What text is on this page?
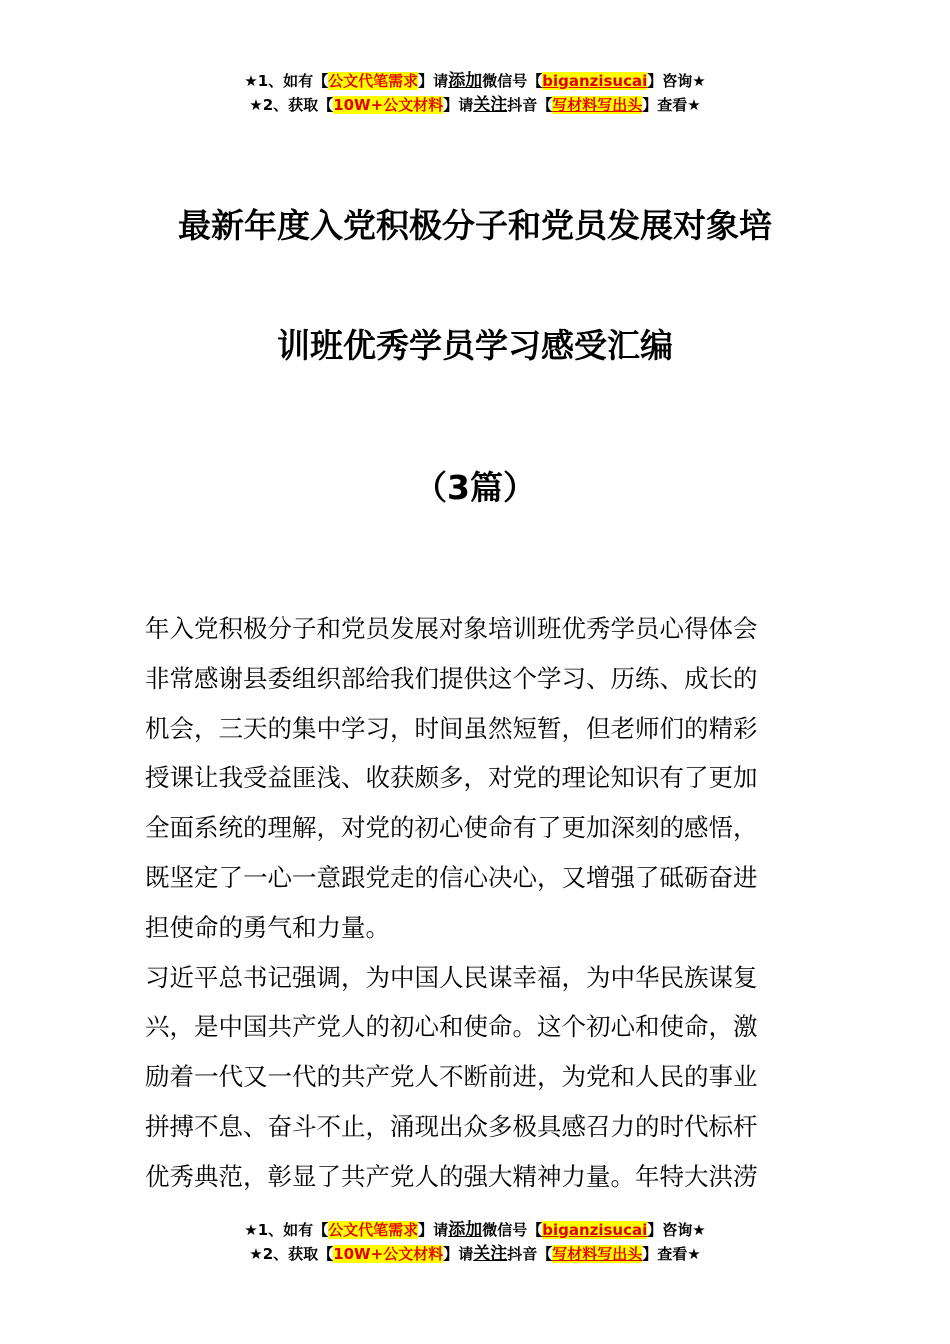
★1、如有【公文代笔需求】请添加微信号【biganzisucai】咨询★
★2、获取【10W+公文材料】请关注抖音【写材料写出头】查看★
最新年度入党积极分子和党员发展对象培
训班优秀学员学习感受汇编
（3篇）
年入党积极分子和党员发展对象培训班优秀学员心得体会
非常感谢县委组织部给我们提供这个学习、历练、成长的
机会，三天的集中学习，时间虽然短暂，但老师们的精彩
授课让我受益匪浅、收获颇多，对党的理论知识有了更加
全面系统的理解，对党的初心使命有了更加深刻的感悟，
既坚定了一心一意跟党走的信心决心，又增强了砥砺奋进
担使命的勇气和力量。
习近平总书记强调，为中国人民谋幸福，为中华民族谋复
兴，是中国共产党人的初心和使命。这个初心和使命，激
励着一代又一代的共产党人不断前进，为党和人民的事业
拼搏不息、奋斗不止，涌现出众多极具感召力的时代标杆
优秀典范，彰显了共产党人的强大精神力量。年特大洪涝
★1、如有【公文代笔需求】请添加微信号【biganzisucai】咨询★
★2、获取【10W+公文材料】请关注抖音【写材料写出头】查看★
